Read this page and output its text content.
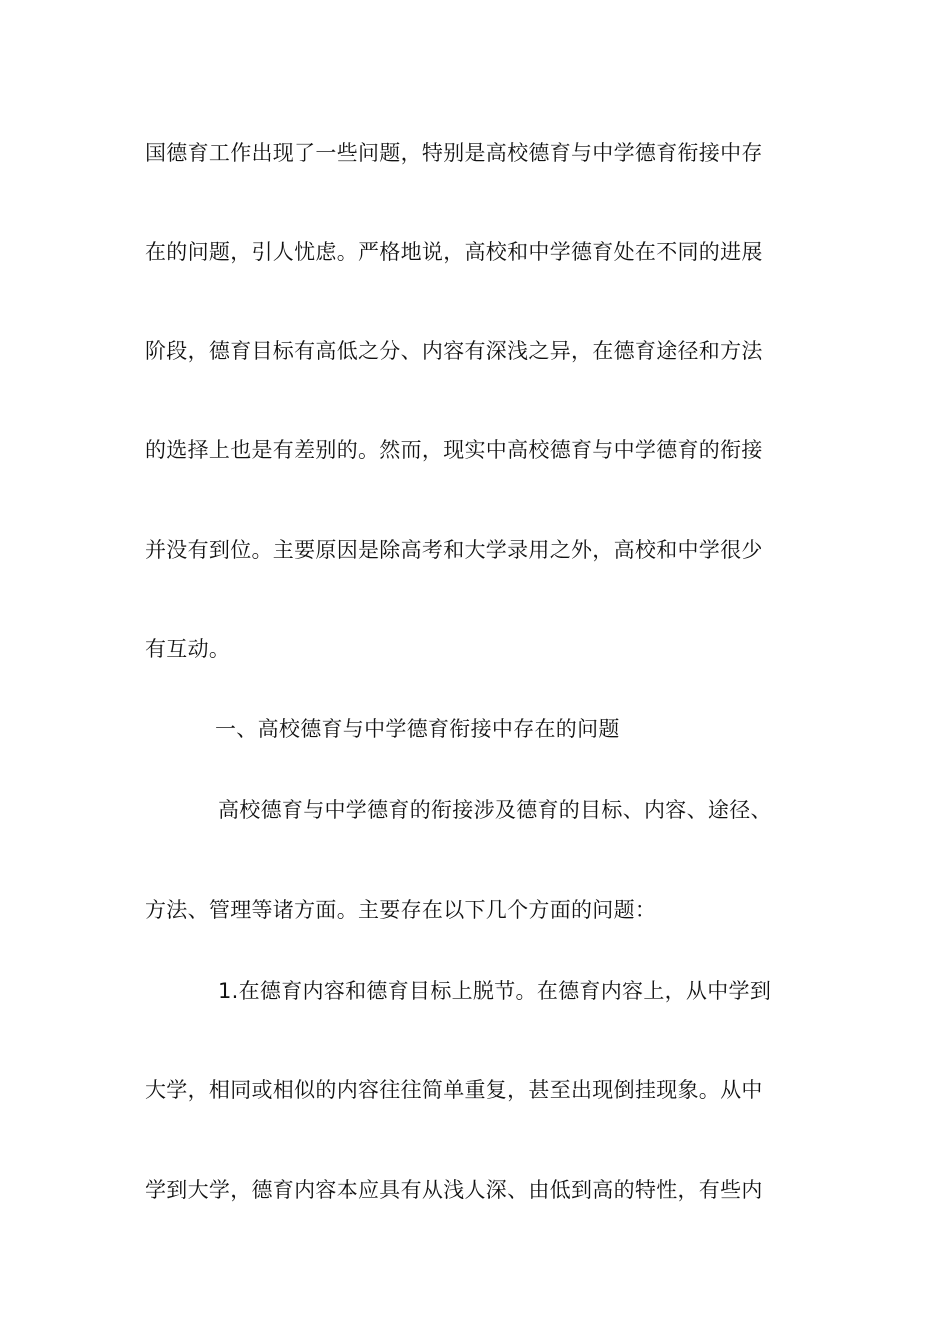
国德育工作出现了一些问题，特别是高校德育与中学德育衔接中存
在的问题，引人忧虑。严格地说，高校和中学德育处在不同的进展
阶段，德育目标有高低之分、内容有深浅之异，在德育途径和方法
的选择上也是有差别的。然而，现实中高校德育与中学德育的衔接
并没有到位。主要原因是除高考和大学录用之外，高校和中学很少
有互动。
一、高校德育与中学德育衔接中存在的问题
高校德育与中学德育的衔接涉及德育的目标、内容、途径、
方法、管理等诸方面。主要存在以下几个方面的问题：
1.在德育内容和德育目标上脱节。在德育内容上，从中学到
大学，相同或相似的内容往往简单重复，甚至出现倒挂现象。从中
学到大学，德育内容本应具有从浅人深、由低到高的特性，有些内
